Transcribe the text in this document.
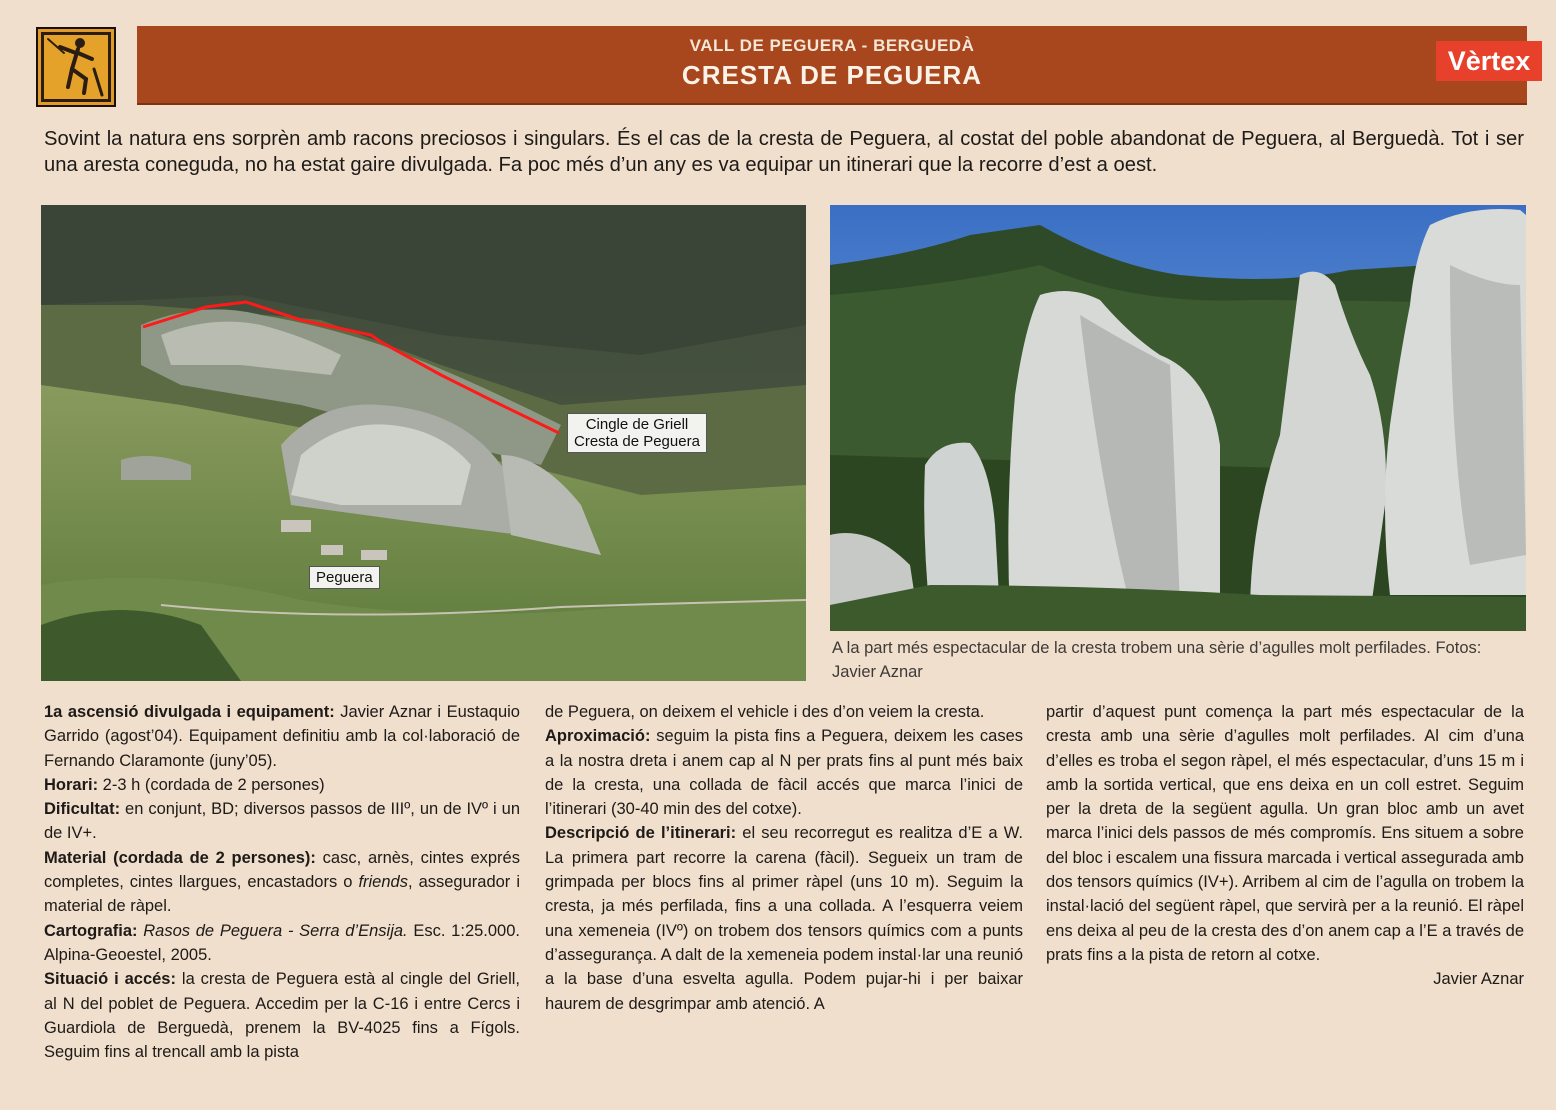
VALL DE PEGUERA - BERGUEDÀ
CRESTA DE PEGUERA	Vèrtex
Sovint la natura ens sorprèn amb racons preciosos i singulars. És el cas de la cresta de Peguera, al costat del poble abandonat de Peguera, al Berguedà. Tot i ser una aresta coneguda, no ha estat gaire divulgada. Fa poc més d’un any es va equipar un itinerari que la recorre d’est a oest.
Cingle de Griell
Cresta de Peguera
Peguera
A la part més espectacular de la cresta trobem una sèrie d’agulles molt perfilades. Fotos: Javier Aznar

1a ascensió divulgada i equipament: Javier Aznar i Eustaquio Garrido (agost’04). Equipament definitiu amb la col·laboració de Fernando Claramonte (juny’05).

Horari: 2-3 h (cordada de 2 persones)

Dificultat: en conjunt, BD; diversos passos de IIIº, un de IVº i un de IV+.

Material (cordada de 2 persones): casc, arnès, cintes exprés completes, cintes llargues, encastadors o friends, assegurador i material de ràpel.

Cartografia: Rasos de Peguera - Serra d’Ensija. Esc. 1:25.000. Alpina-Geoestel, 2005.

Situació i accés: la cresta de Peguera està al cingle del Griell, al N del poblet de Peguera. Accedim per la C-16 i entre Cercs i Guardiola de Berguedà, prenem la BV-4025 fins a Fígols. Seguim fins al trencall amb la pista

de Peguera, on deixem el vehicle i des d’on veiem la cresta.

Aproximació: seguim la pista fins a Peguera, deixem les cases a la nostra dreta i anem cap al N per prats fins al punt més baix de la cresta, una collada de fàcil accés que marca l’inici de l’itinerari (30-40 min des del cotxe).

Descripció de l’itinerari: el seu recorregut es realitza d’E a W. La primera part recorre la carena (fàcil). Segueix un tram de grimpada per blocs fins al primer ràpel (uns 10 m). Seguim la cresta, ja més perfilada, fins a una collada. A l’esquerra veiem una xemeneia (IVº) on trobem dos tensors químics com a punts d’assegurança. A dalt de la xemeneia podem instal·lar una reunió a la base d’una esvelta agulla. Podem pujar-hi i per baixar haurem de desgrimpar amb atenció. A

partir d’aquest punt comença la part més espectacular de la cresta amb una sèrie d’agulles molt perfilades. Al cim d’una d’elles es troba el segon ràpel, el més espectacular, d’uns 15 m i amb la sortida vertical, que ens deixa en un coll estret. Seguim per la dreta de la següent agulla. Un gran bloc amb un avet marca l’inici dels passos de més compromís. Ens situem a sobre del bloc i escalem una fissura marcada i vertical assegurada amb dos tensors químics (IV+). Arribem al cim de l’agulla on trobem la instal·lació del següent ràpel, que servirà per a la reunió. El ràpel ens deixa al peu de la cresta des d’on anem cap a l’E a través de prats fins a la pista de retorn al cotxe.

Javier Aznar
